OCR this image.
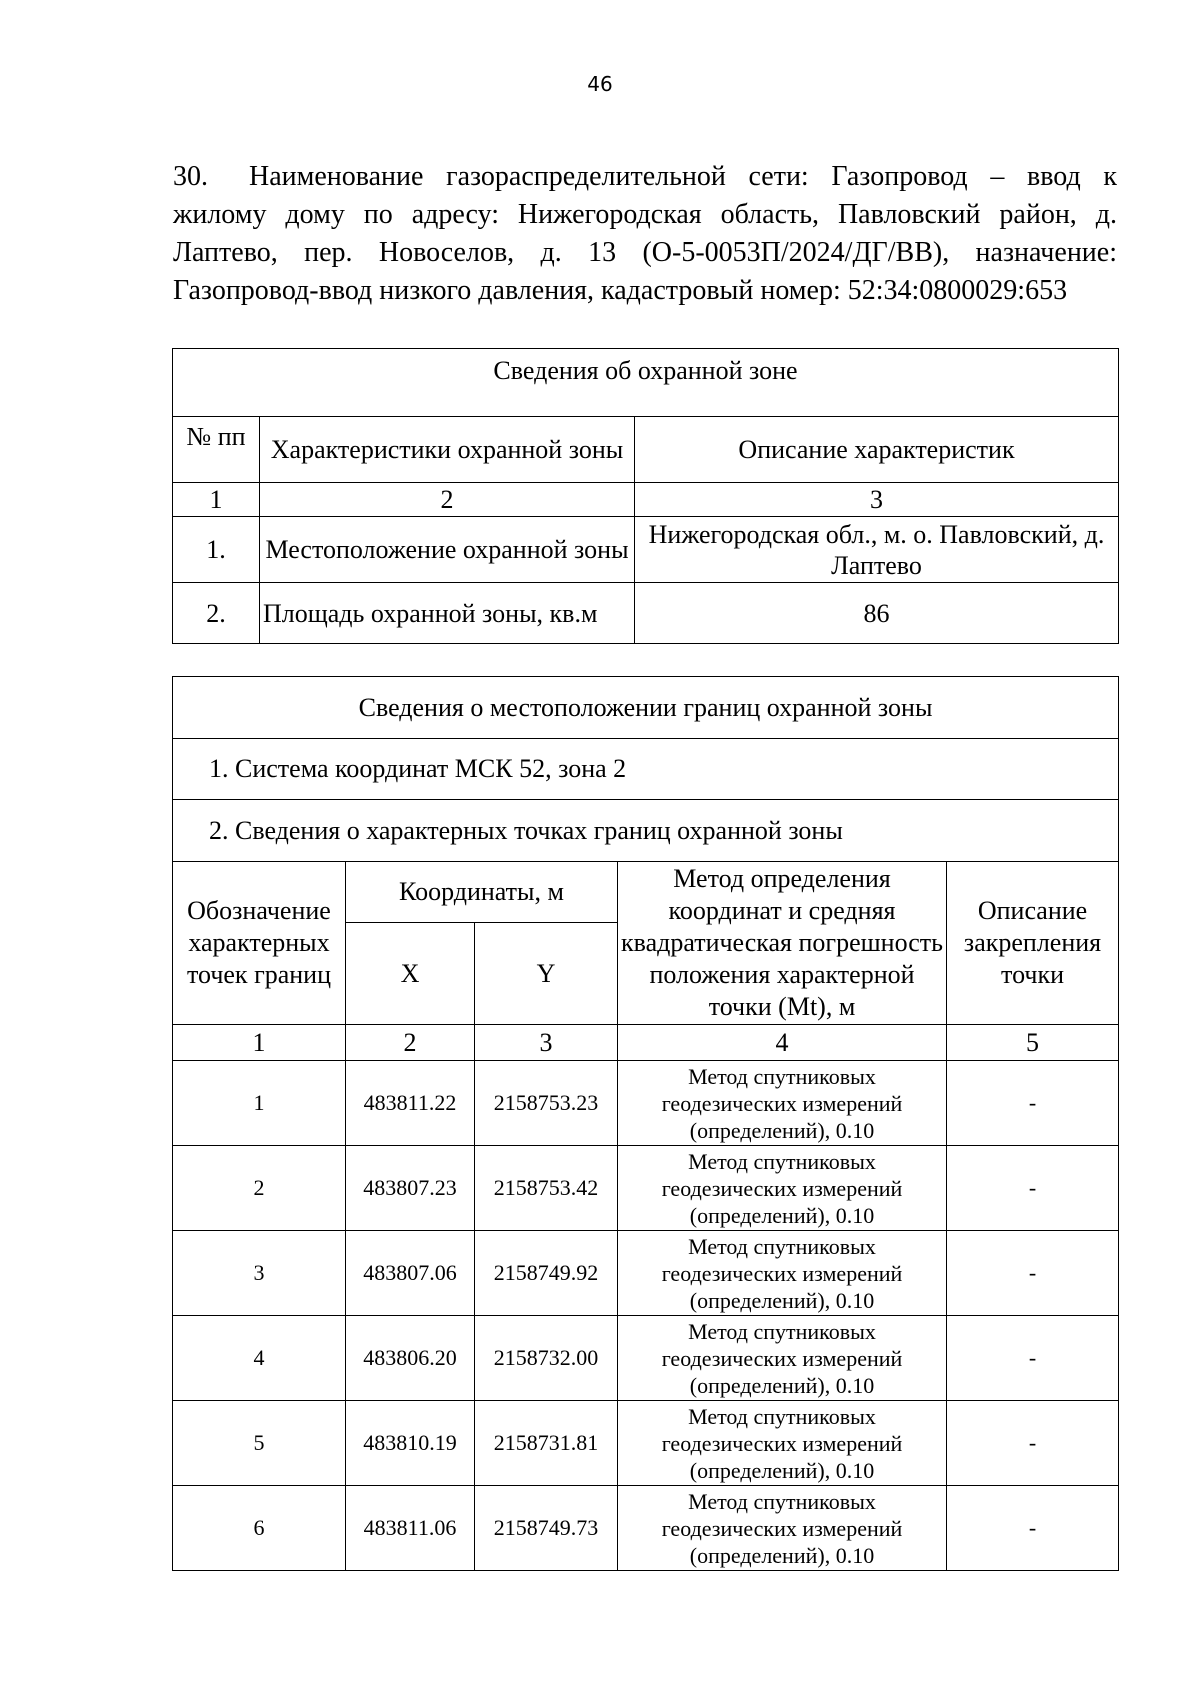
46
30. Наименование газораспределительной сети: Газопровод – ввод к жилому дому по адресу: Нижегородская область, Павловский район, д. Лаптево, пер. Новоселов, д. 13 (О-5-0053П/2024/ДГ/ВВ), назначение: Газопровод-ввод низкого давления, кадастровый номер: 52:34:0800029:653
Сведения об охранной зоне		
№ пп	Характеристики охранной зоны	Описание характеристик
1	2	3
1.	Местоположение охранной зоны	Нижегородская обл., м. о. Павловский, д. Лаптево
2.	Площадь охранной зоны, кв.м	86
Сведения о местоположении границ охранной зоны				
1. Система координат МСК 52, зона 2				
2. Сведения о характерных точках границ охранной зоны				
Обозначение характерных точек границ	Координаты, м		Метод определения координат и средняя квадратическая погрешность положения характерной точки (Mt), м	Описание закрепления точки
	X	Y		
1	2	3	4	5
1	483811.22	2158753.23	Метод спутниковых геодезических измерений (определений), 0.10	-
2	483807.23	2158753.42	Метод спутниковых геодезических измерений (определений), 0.10	-
3	483807.06	2158749.92	Метод спутниковых геодезических измерений (определений), 0.10	-
4	483806.20	2158732.00	Метод спутниковых геодезических измерений (определений), 0.10	-
5	483810.19	2158731.81	Метод спутниковых геодезических измерений (определений), 0.10	-
6	483811.06	2158749.73	Метод спутниковых геодезических измерений (определений), 0.10	-
